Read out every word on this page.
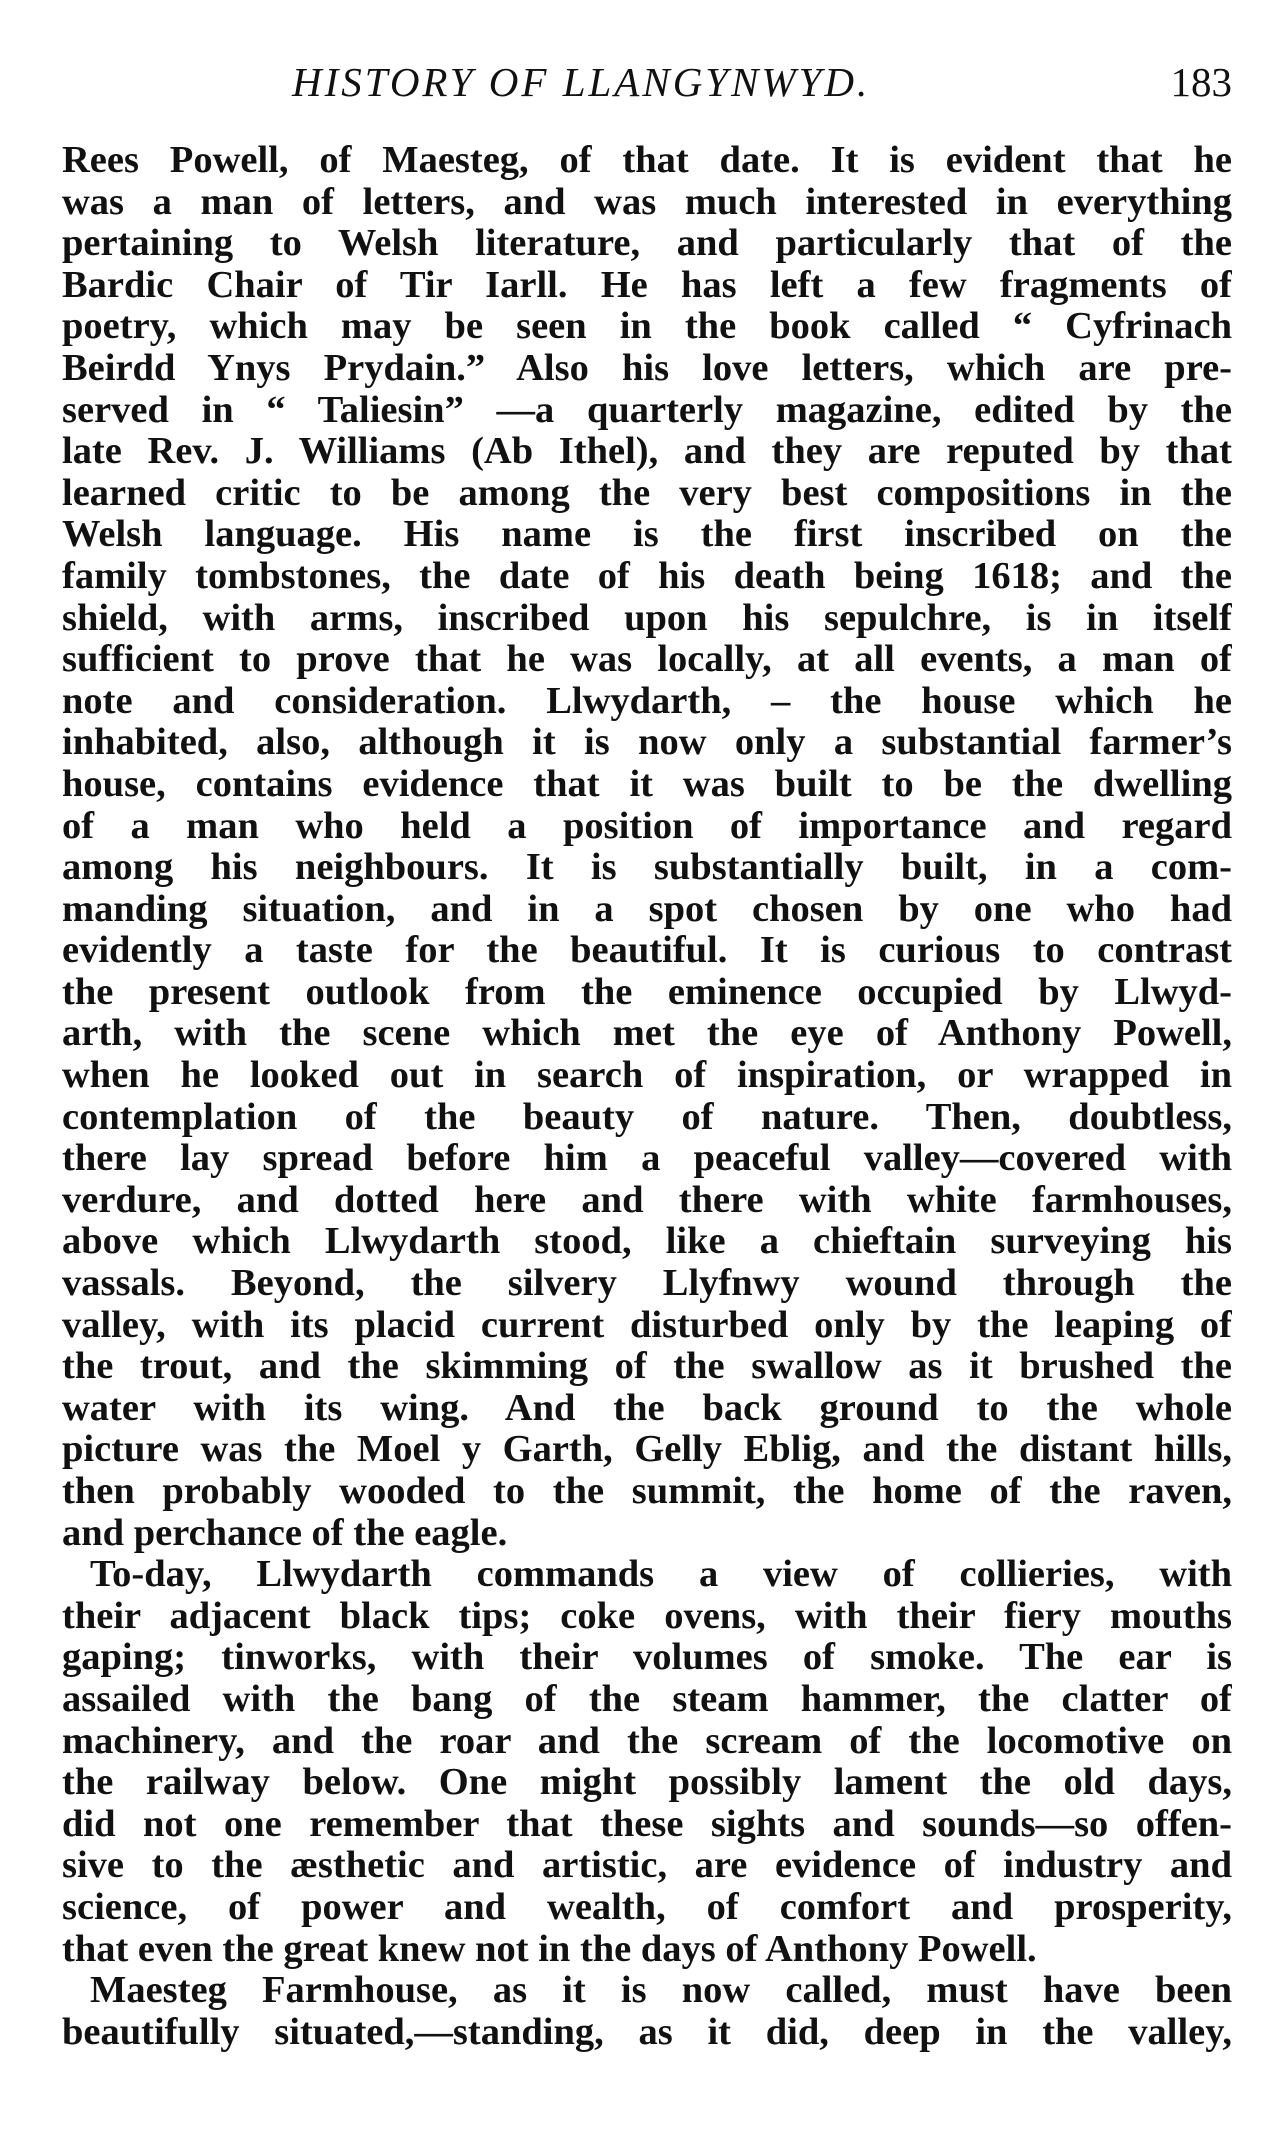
HISTORY OF LLANGYNWYD.	183
Rees Powell, of Maesteg, of that date. It is evident that he
was a man of letters, and was much interested in everything
pertaining to Welsh literature, and particularly that of the
Bardic Chair of Tir Iarll. He has left a few fragments of
poetry, which may be seen in the book called “ Cyfrinach
Beirdd Ynys Prydain.” Also his love letters, which are pre-
served in “ Taliesin” —a quarterly magazine, edited by the
late Rev. J. Williams (Ab Ithel), and they are reputed by that
learned critic to be among the very best compositions in the
Welsh language. His name is the first inscribed on the
family tombstones, the date of his death being 1618; and the
shield, with arms, inscribed upon his sepulchre, is in itself
sufficient to prove that he was locally, at all events, a man of
note and consideration. Llwydarth, – the house which he
inhabited, also, although it is now only a substantial farmer’s
house, contains evidence that it was built to be the dwelling
of a man who held a position of importance and regard
among his neighbours. It is substantially built, in a com-
manding situation, and in a spot chosen by one who had
evidently a taste for the beautiful. It is curious to contrast
the present outlook from the eminence occupied by Llwyd-
arth, with the scene which met the eye of Anthony Powell,
when he looked out in search of inspiration, or wrapped in
contemplation of the beauty of nature. Then, doubtless,
there lay spread before him a peaceful valley—covered with
verdure, and dotted here and there with white farmhouses,
above which Llwydarth stood, like a chieftain surveying his
vassals. Beyond, the silvery Llyfnwy wound through the
valley, with its placid current disturbed only by the leaping of
the trout, and the skimming of the swallow as it brushed the
water with its wing. And the back ground to the whole
picture was the Moel y Garth, Gelly Eblig, and the distant hills,
then probably wooded to the summit, the home of the raven,
and perchance of the eagle.
To-day, Llwydarth commands a view of collieries, with
their adjacent black tips; coke ovens, with their fiery mouths
gaping; tinworks, with their volumes of smoke. The ear is
assailed with the bang of the steam hammer, the clatter of
machinery, and the roar and the scream of the locomotive on
the railway below. One might possibly lament the old days,
did not one remember that these sights and sounds—so offen-
sive to the æsthetic and artistic, are evidence of industry and
science, of power and wealth, of comfort and prosperity,
that even the great knew not in the days of Anthony Powell.
Maesteg Farmhouse, as it is now called, must have been
beautifully situated,—standing, as it did, deep in the valley,
